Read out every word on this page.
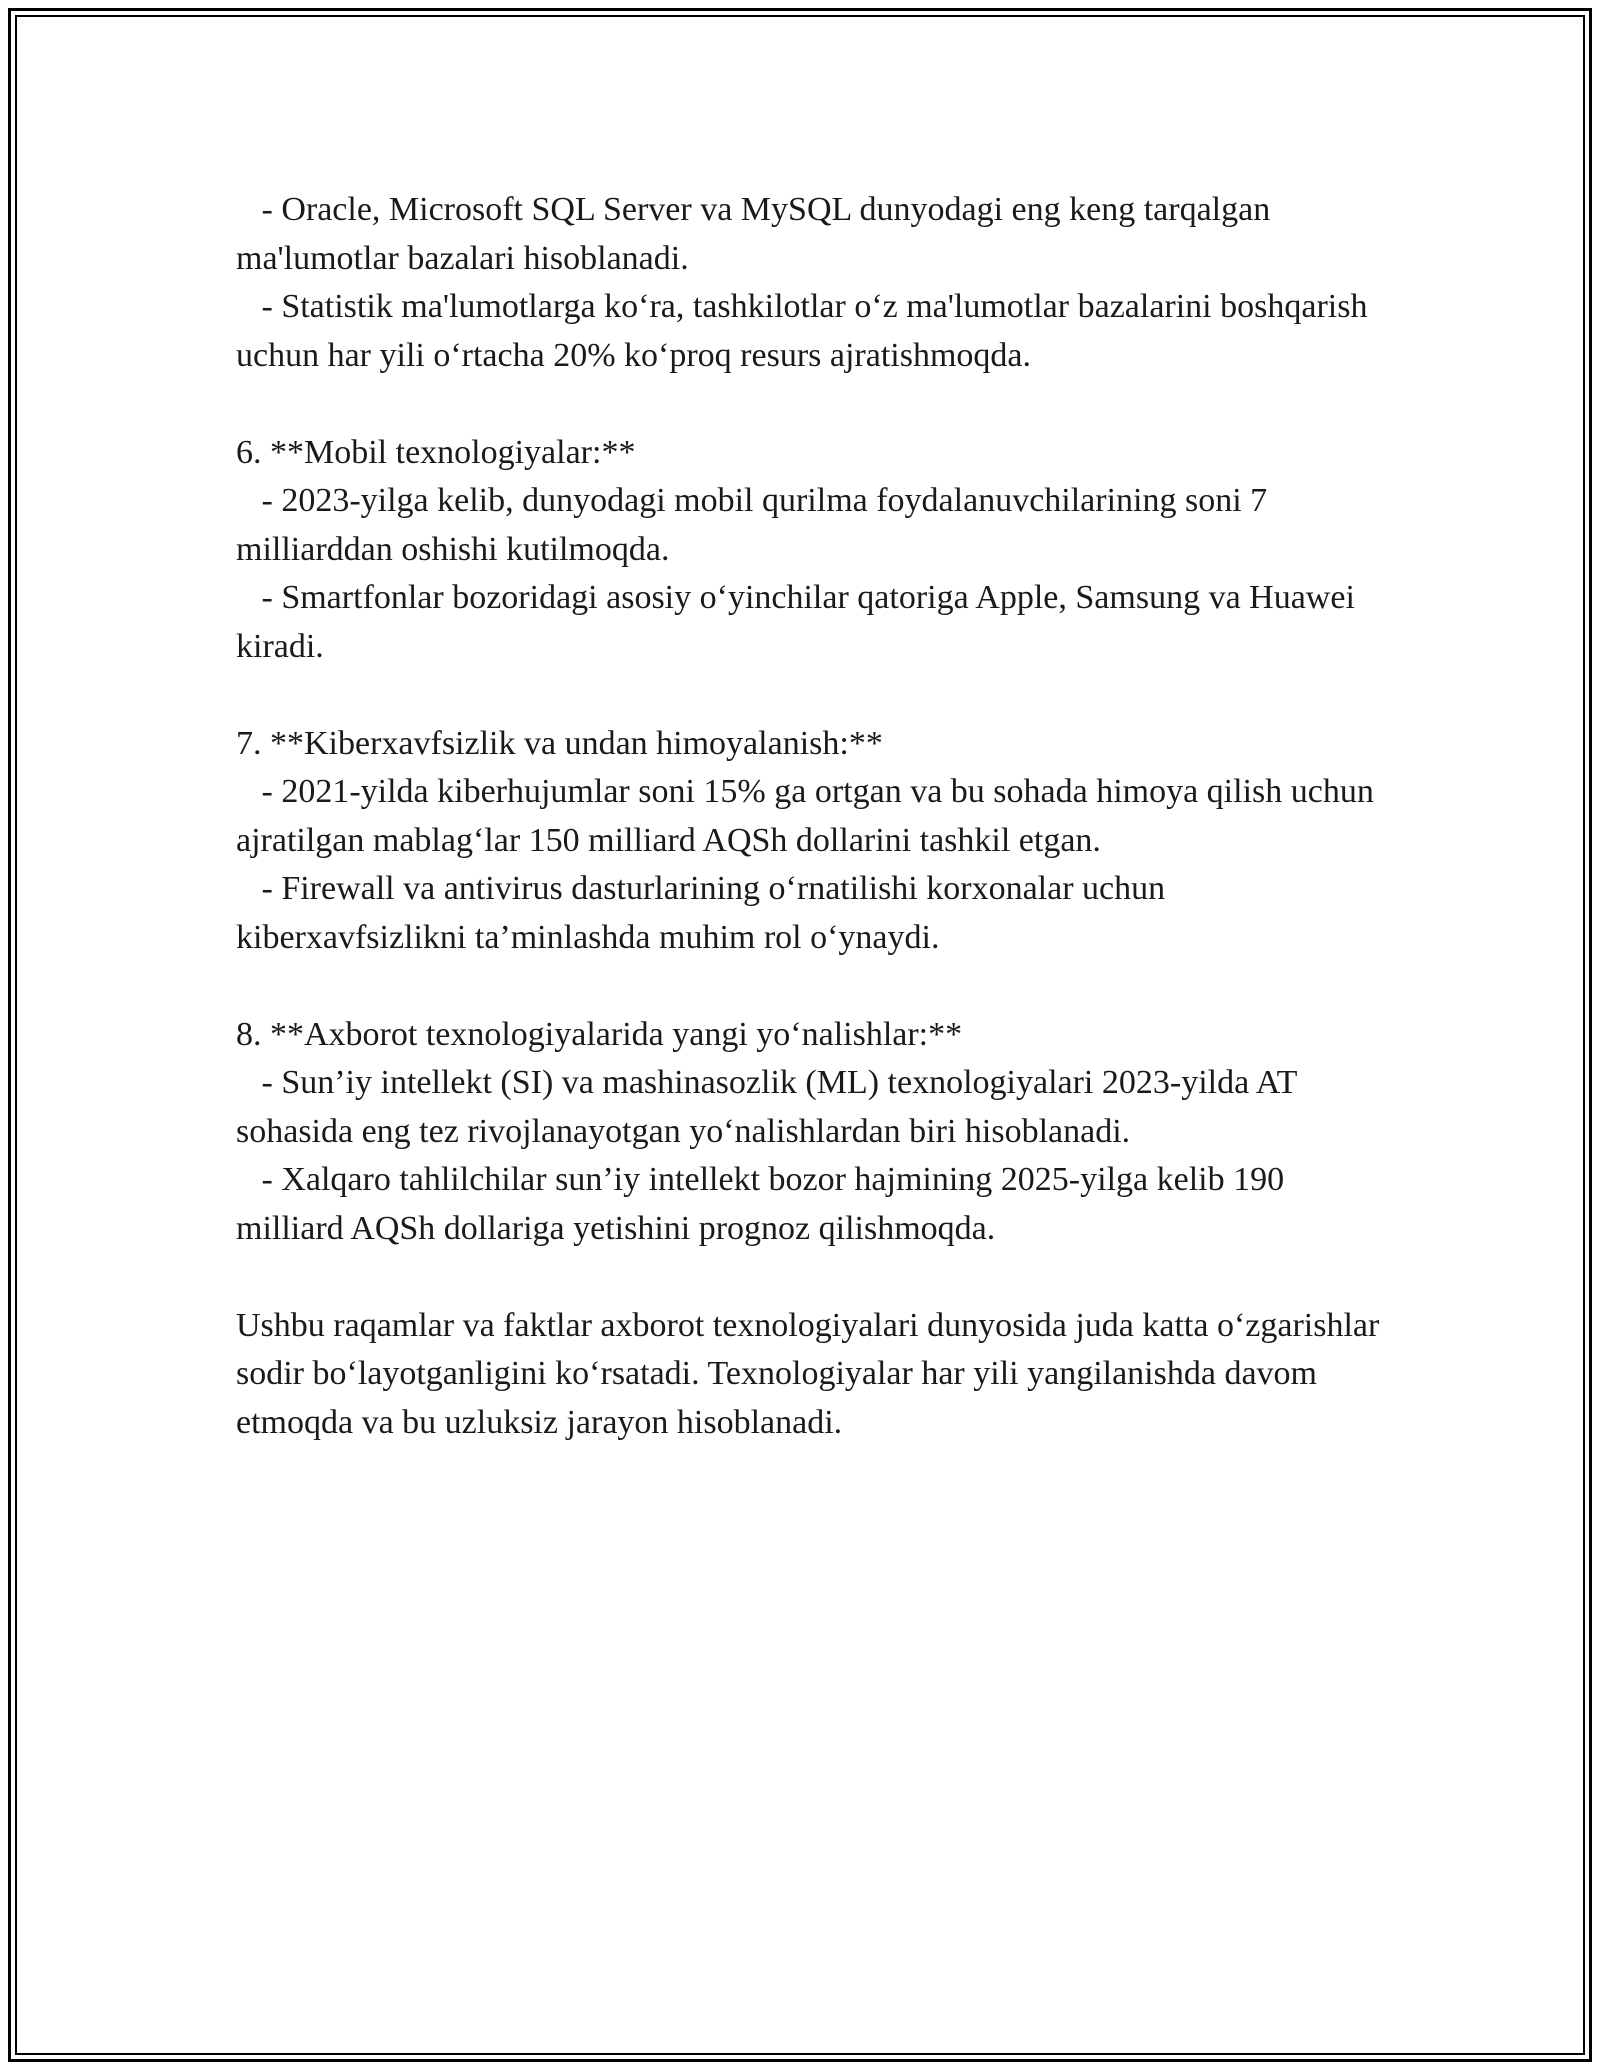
- Oracle, Microsoft SQL Server va MySQL dunyodagi eng keng tarqalgan ma'lumotlar bazalari hisoblanadi.

- Statistik ma'lumotlarga ko‘ra, tashkilotlar o‘z ma'lumotlar bazalarini boshqarish uchun har yili o‘rtacha 20% ko‘proq resurs ajratishmoqda.

6. **Mobil texnologiyalar:**

- 2023-yilga kelib, dunyodagi mobil qurilma foydalanuvchilarining soni 7 milliarddan oshishi kutilmoqda.

- Smartfonlar bozoridagi asosiy o‘yinchilar qatoriga Apple, Samsung va Huawei kiradi.

7. **Kiberxavfsizlik va undan himoyalanish:**

- 2021-yilda kiberhujumlar soni 15% ga ortgan va bu sohada himoya qilish uchun ajratilgan mablag‘lar 150 milliard AQSh dollarini tashkil etgan.

- Firewall va antivirus dasturlarining o‘rnatilishi korxonalar uchun kiberxavfsizlikni ta’minlashda muhim rol o‘ynaydi.

8. **Axborot texnologiyalarida yangi yo‘nalishlar:**

- Sun’iy intellekt (SI) va mashinasozlik (ML) texnologiyalari 2023-yilda AT sohasida eng tez rivojlanayotgan yo‘nalishlardan biri hisoblanadi.

- Xalqaro tahlilchilar sun’iy intellekt bozor hajmining 2025-yilga kelib 190 milliard AQSh dollariga yetishini prognoz qilishmoqda.

Ushbu raqamlar va faktlar axborot texnologiyalari dunyosida juda katta o‘zgarishlar sodir bo‘layotganligini ko‘rsatadi. Texnologiyalar har yili yangilanishda davom etmoqda va bu uzluksiz jarayon hisoblanadi.
